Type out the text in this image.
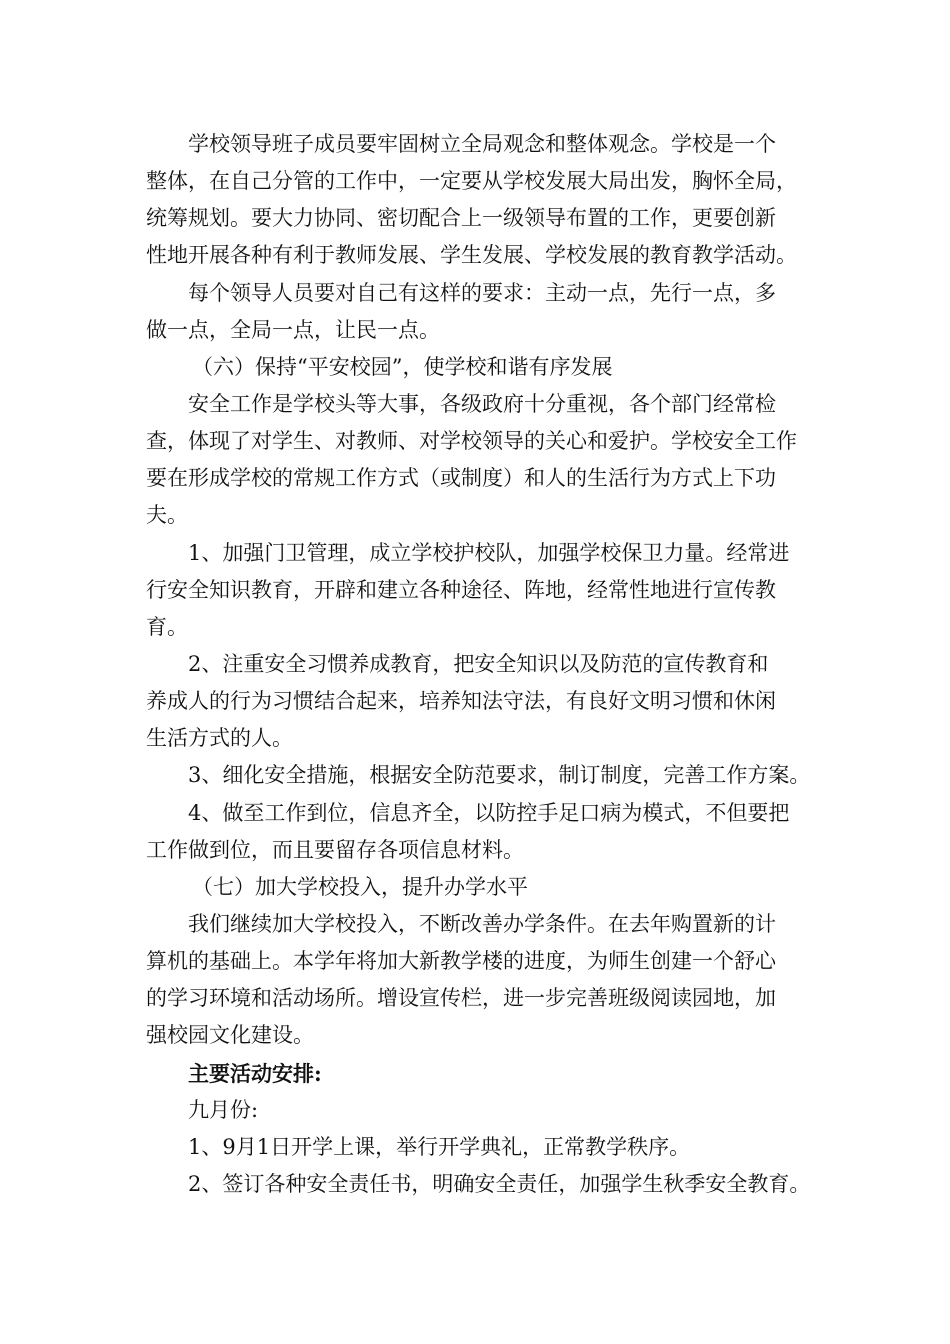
学校领导班子成员要牢固树立全局观念和整体观念。学校是一个
整体，在自己分管的工作中，一定要从学校发展大局出发，胸怀全局，
统筹规划。要大力协同、密切配合上一级领导布置的工作，更要创新
性地开展各种有利于教师发展、学生发展、学校发展的教育教学活动。
每个领导人员要对自己有这样的要求：主动一点，先行一点，多
做一点，全局一点，让民一点。
（六）保持“平安校园”，使学校和谐有序发展
安全工作是学校头等大事，各级政府十分重视，各个部门经常检
查，体现了对学生、对教师、对学校领导的关心和爱护。学校安全工作
要在形成学校的常规工作方式（或制度）和人的生活行为方式上下功
夫。
1、加强门卫管理，成立学校护校队，加强学校保卫力量。经常进
行安全知识教育，开辟和建立各种途径、阵地，经常性地进行宣传教
育。
2、注重安全习惯养成教育，把安全知识以及防范的宣传教育和
养成人的行为习惯结合起来，培养知法守法，有良好文明习惯和休闲
生活方式的人。
3、细化安全措施，根据安全防范要求，制订制度，完善工作方案。
4、做至工作到位，信息齐全，以防控手足口病为模式，不但要把
工作做到位，而且要留存各项信息材料。
（七）加大学校投入，提升办学水平
我们继续加大学校投入，不断改善办学条件。在去年购置新的计
算机的基础上。本学年将加大新教学楼的进度，为师生创建一个舒心
的学习环境和活动场所。增设宣传栏，进一步完善班级阅读园地，加
强校园文化建设。
主要活动安排:
九月份:
1、9月1日开学上课，举行开学典礼，正常教学秩序。
2、签订各种安全责任书，明确安全责任，加强学生秋季安全教育。
